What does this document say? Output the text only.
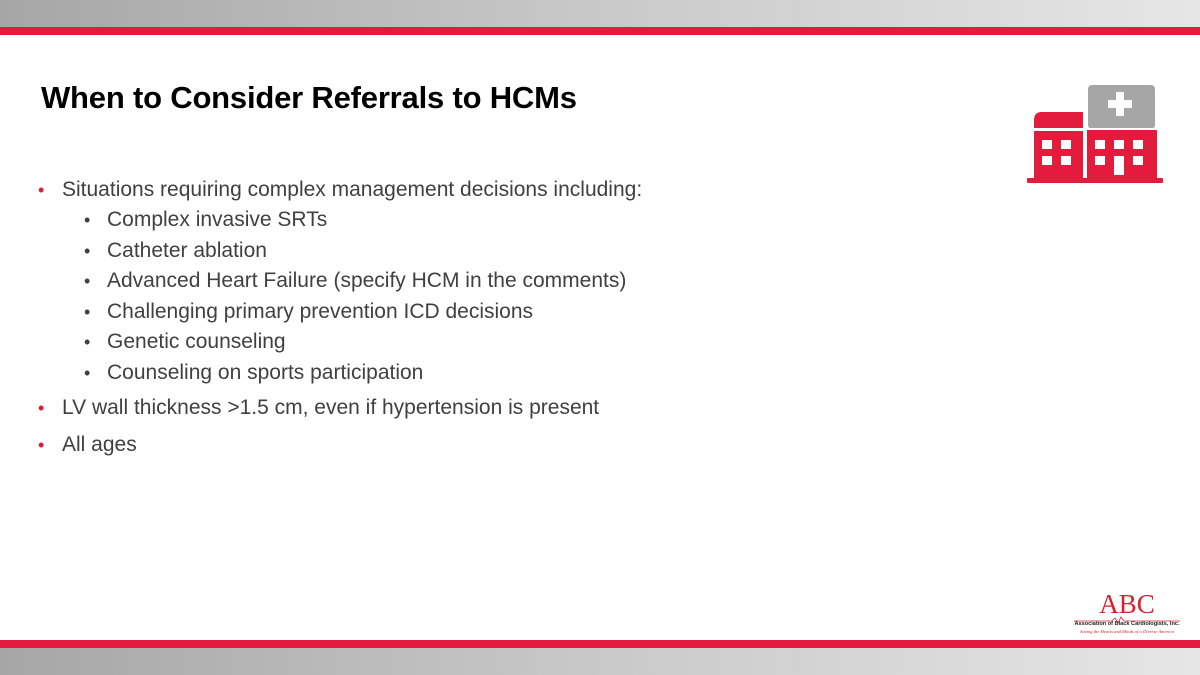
When to Consider Referrals to HCMs
• Situations requiring complex management decisions including:
• Complex invasive SRTs
• Catheter ablation
• Advanced Heart Failure (specify HCM in the comments)
• Challenging primary prevention ICD decisions
• Genetic counseling
• Counseling on sports participation
• LV wall thickness >1.5 cm, even if hypertension is present
• All ages
ABC
Association of Black Cardiologists, Inc.
Saving the Hearts and Minds of a Diverse America
